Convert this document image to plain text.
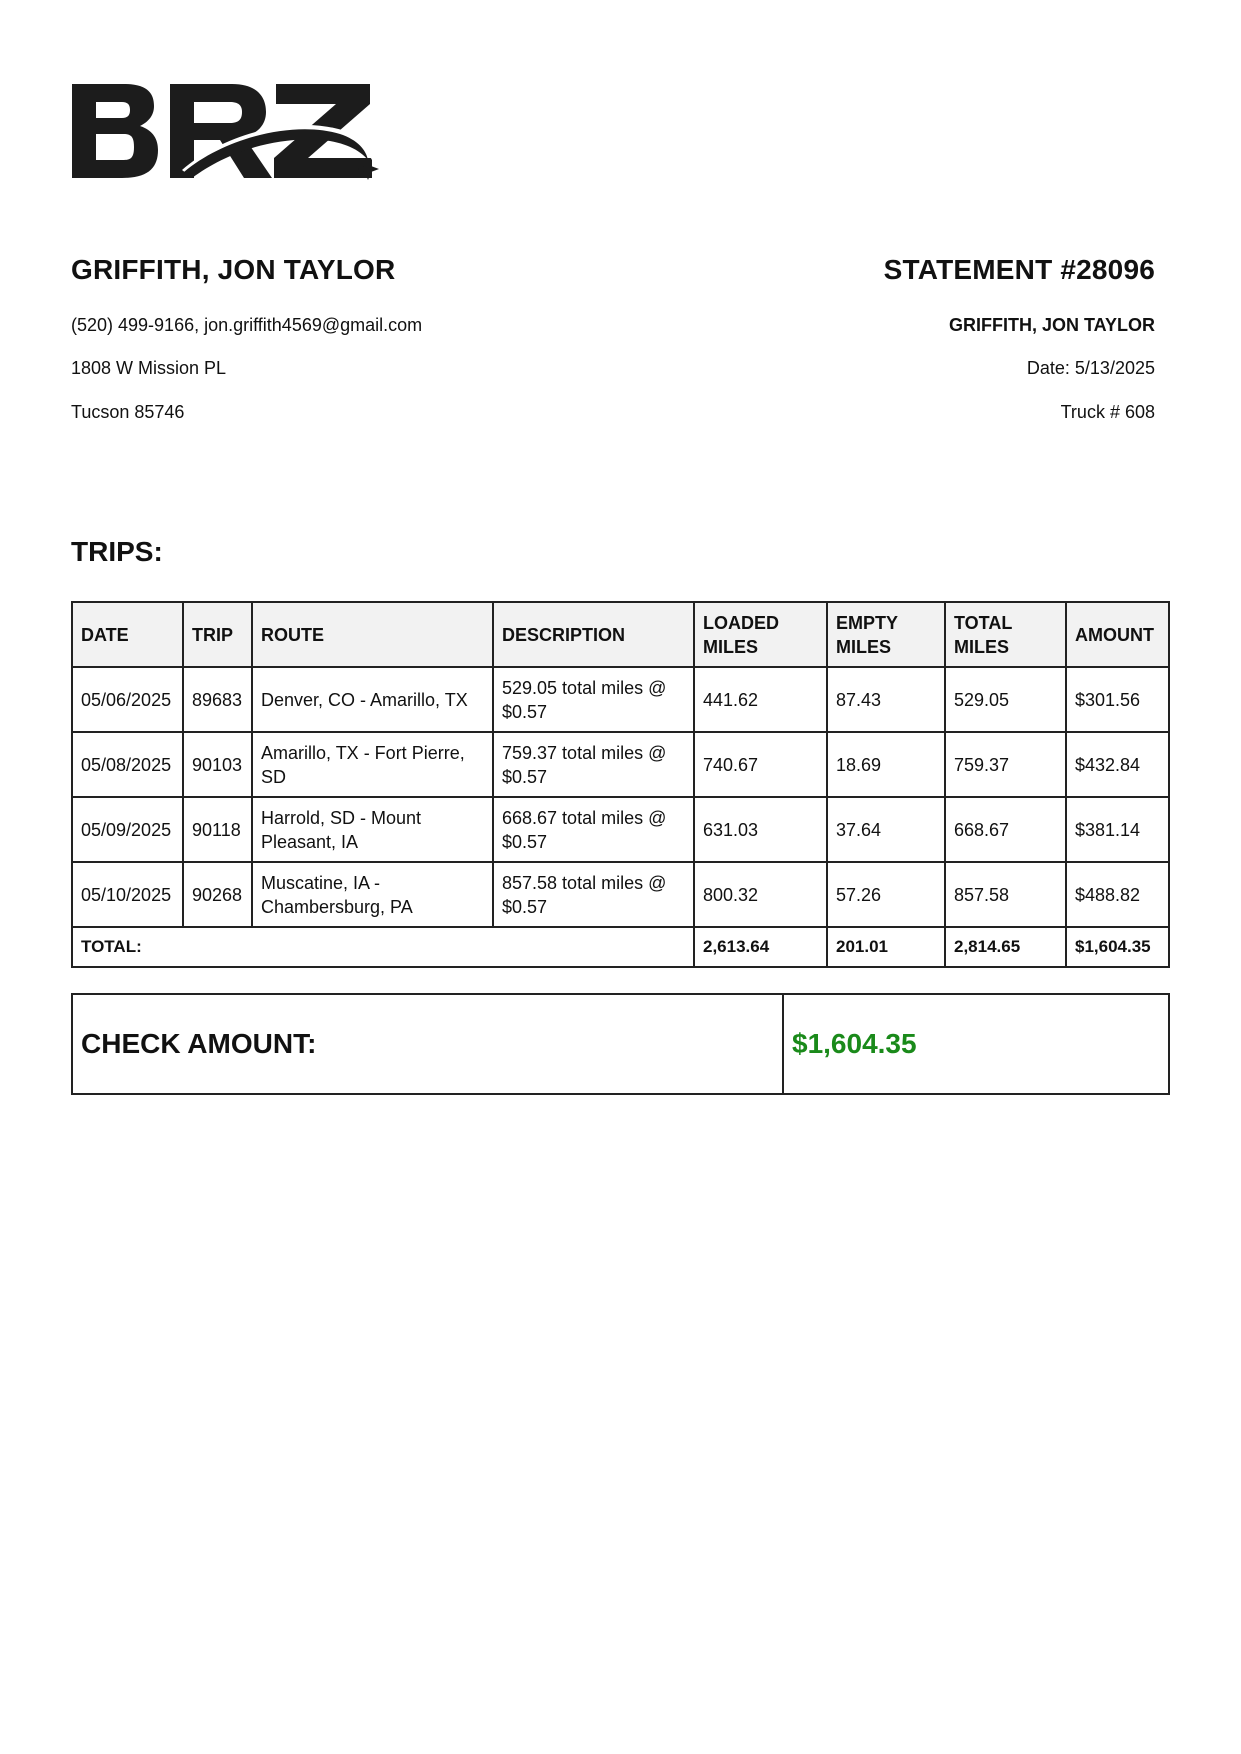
GRIFFITH, JON TAYLOR

(520) 499-9166, jon.griffith4569@gmail.com

1808 W Mission PL

Tucson 85746

STATEMENT #28096

GRIFFITH, JON TAYLOR

Date: 5/13/2025

Truck # 608

TRIPS:

DATE	TRIP	ROUTE	DESCRIPTION	LOADED MILES	EMPTY MILES	TOTAL MILES	AMOUNT
05/06/2025	89683	Denver, CO - Amarillo, TX	529.05 total miles @ $0.57	441.62	87.43	529.05	$301.56
05/08/2025	90103	Amarillo, TX - Fort Pierre, SD	759.37 total miles @ $0.57	740.67	18.69	759.37	$432.84
05/09/2025	90118	Harrold, SD - Mount Pleasant, IA	668.67 total miles @ $0.57	631.03	37.64	668.67	$381.14
05/10/2025	90268	Muscatine, IA - Chambersburg, PA	857.58 total miles @ $0.57	800.32	57.26	857.58	$488.82
TOTAL:				2,613.64	201.01	2,814.65	$1,604.35
CHECK AMOUNT:	$1,604.35
